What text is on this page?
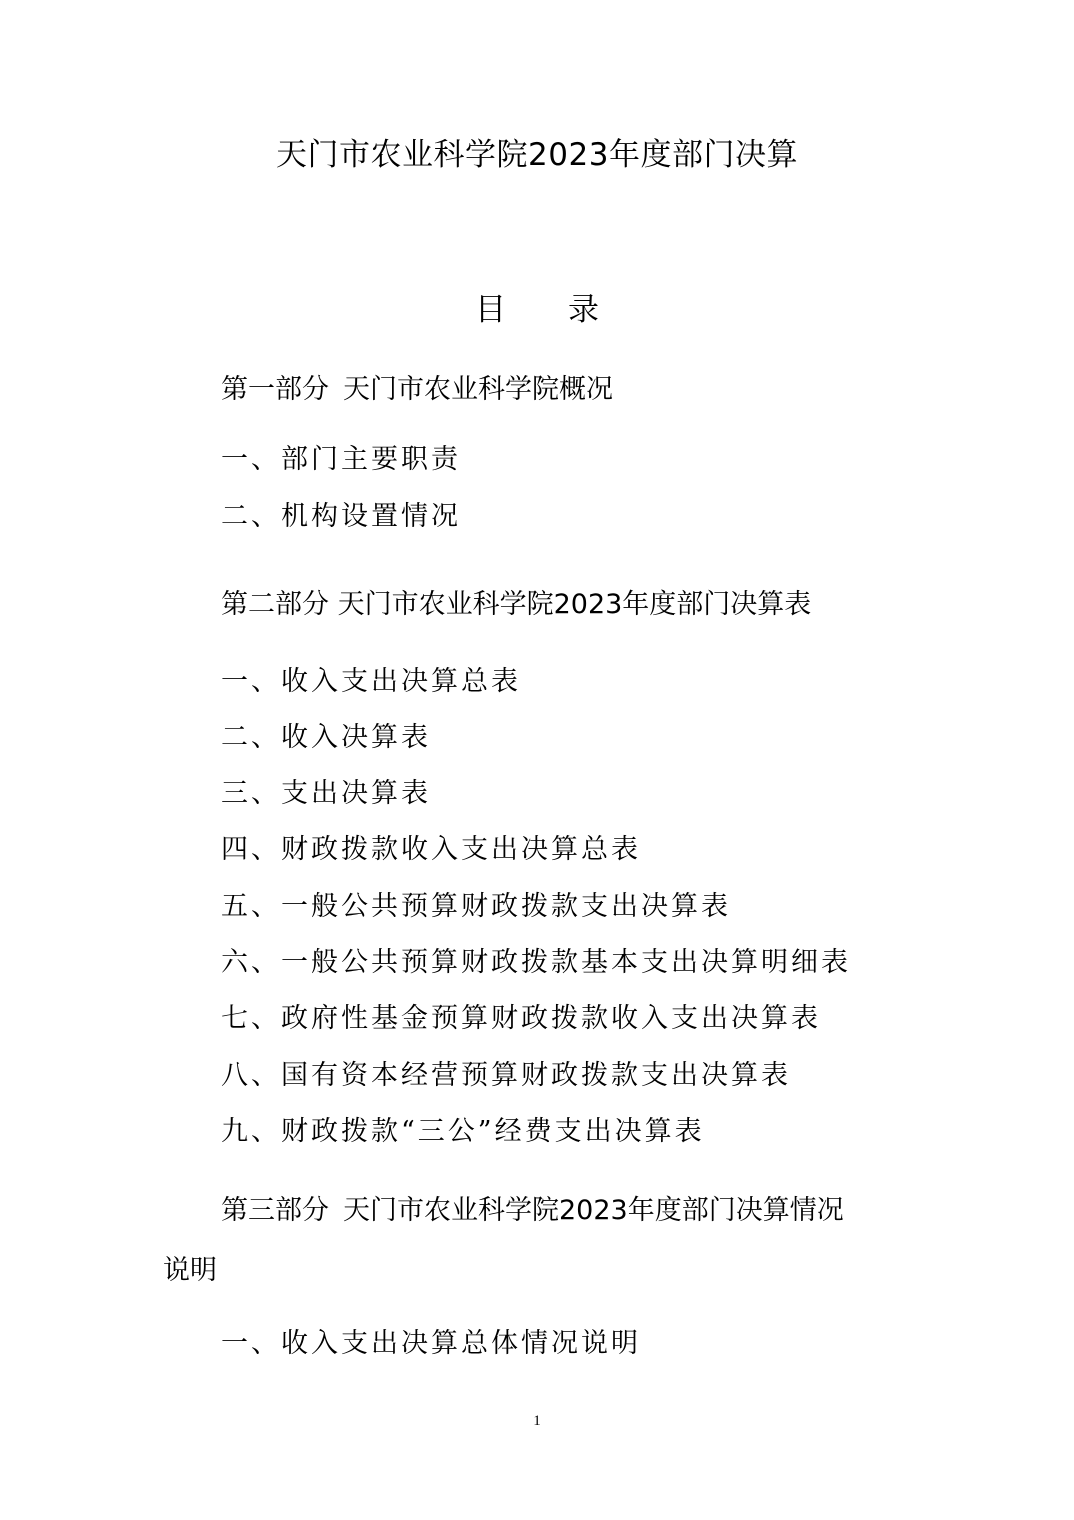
天门市农业科学院2023年度部门决算
目 录
第一部分 天门市农业科学院概况
一、部门主要职责
二、机构设置情况
第二部分 天门市农业科学院2023年度部门决算表
一、收入支出决算总表
二、收入决算表
三、支出决算表
四、财政拨款收入支出决算总表
五、一般公共预算财政拨款支出决算表
六、一般公共预算财政拨款基本支出决算明细表
七、政府性基金预算财政拨款收入支出决算表
八、国有资本经营预算财政拨款支出决算表
九、财政拨款“三公”经费支出决算表
第三部分 天门市农业科学院2023年度部门决算情况
说明
一、收入支出决算总体情况说明
1
